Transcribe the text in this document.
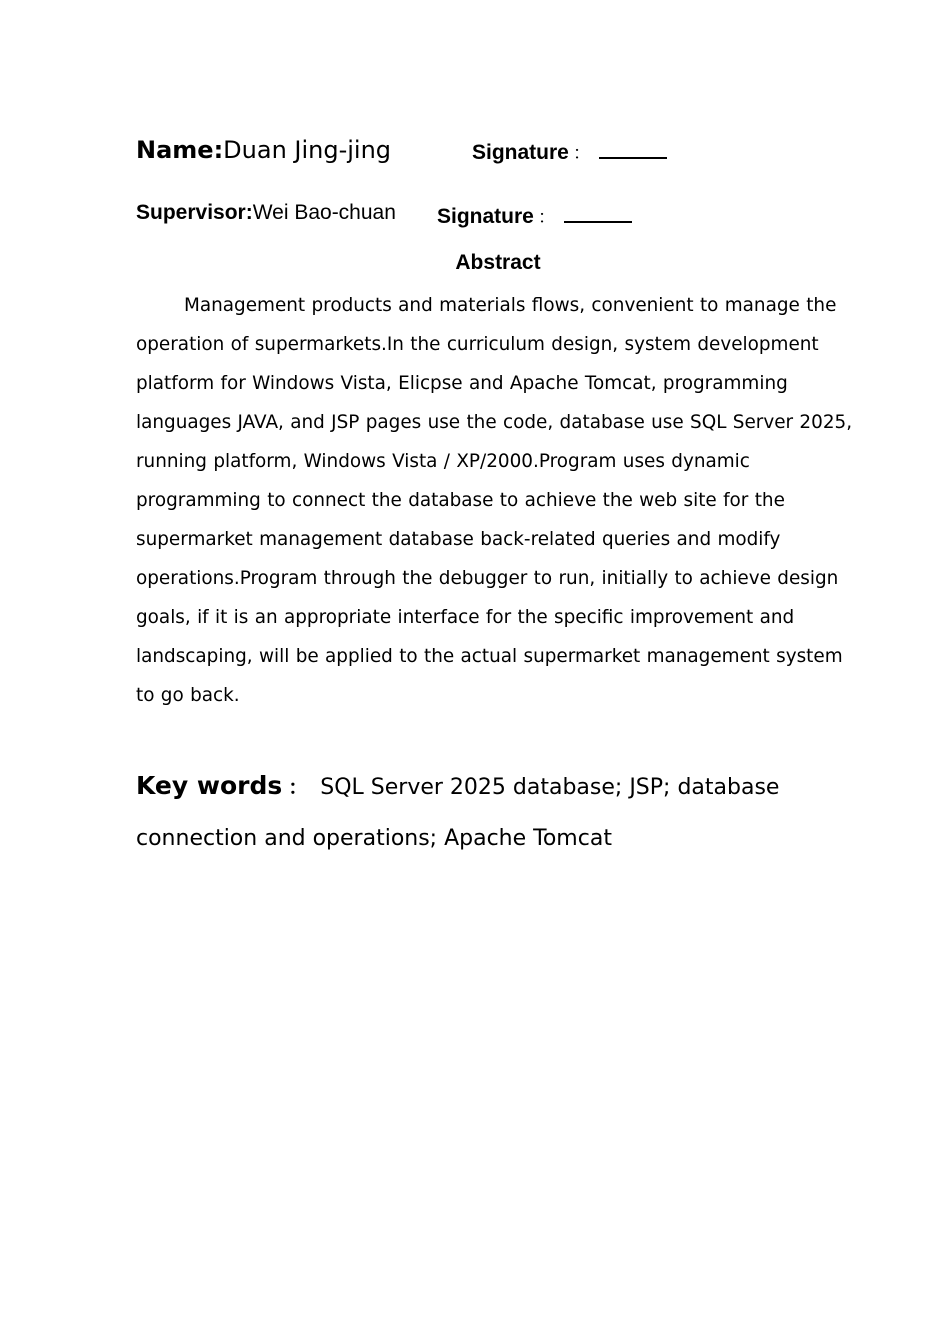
Name:Duan Jing-jing	Signature ：
Supervisor:Wei Bao-chuan Signature ：
Abstract

Management products and materials flows, convenient to manage the operation of supermarkets.In the curriculum design, system development platform for Windows Vista, Elicpse and Apache Tomcat, programming languages JAVA, and JSP pages use the code, database use SQL Server 2025, running platform, Windows Vista / XP/2000.Program uses dynamic programming to connect the database to achieve the web site for the supermarket management database back-related queries and modify operations.Program through the debugger to run, initially to achieve design goals, if it is an appropriate interface for the specific improvement and landscaping, will be applied to the actual supermarket management system to go back.

Key words ： SQL Server 2025 database; JSP; database connection and operations; Apache Tomcat
